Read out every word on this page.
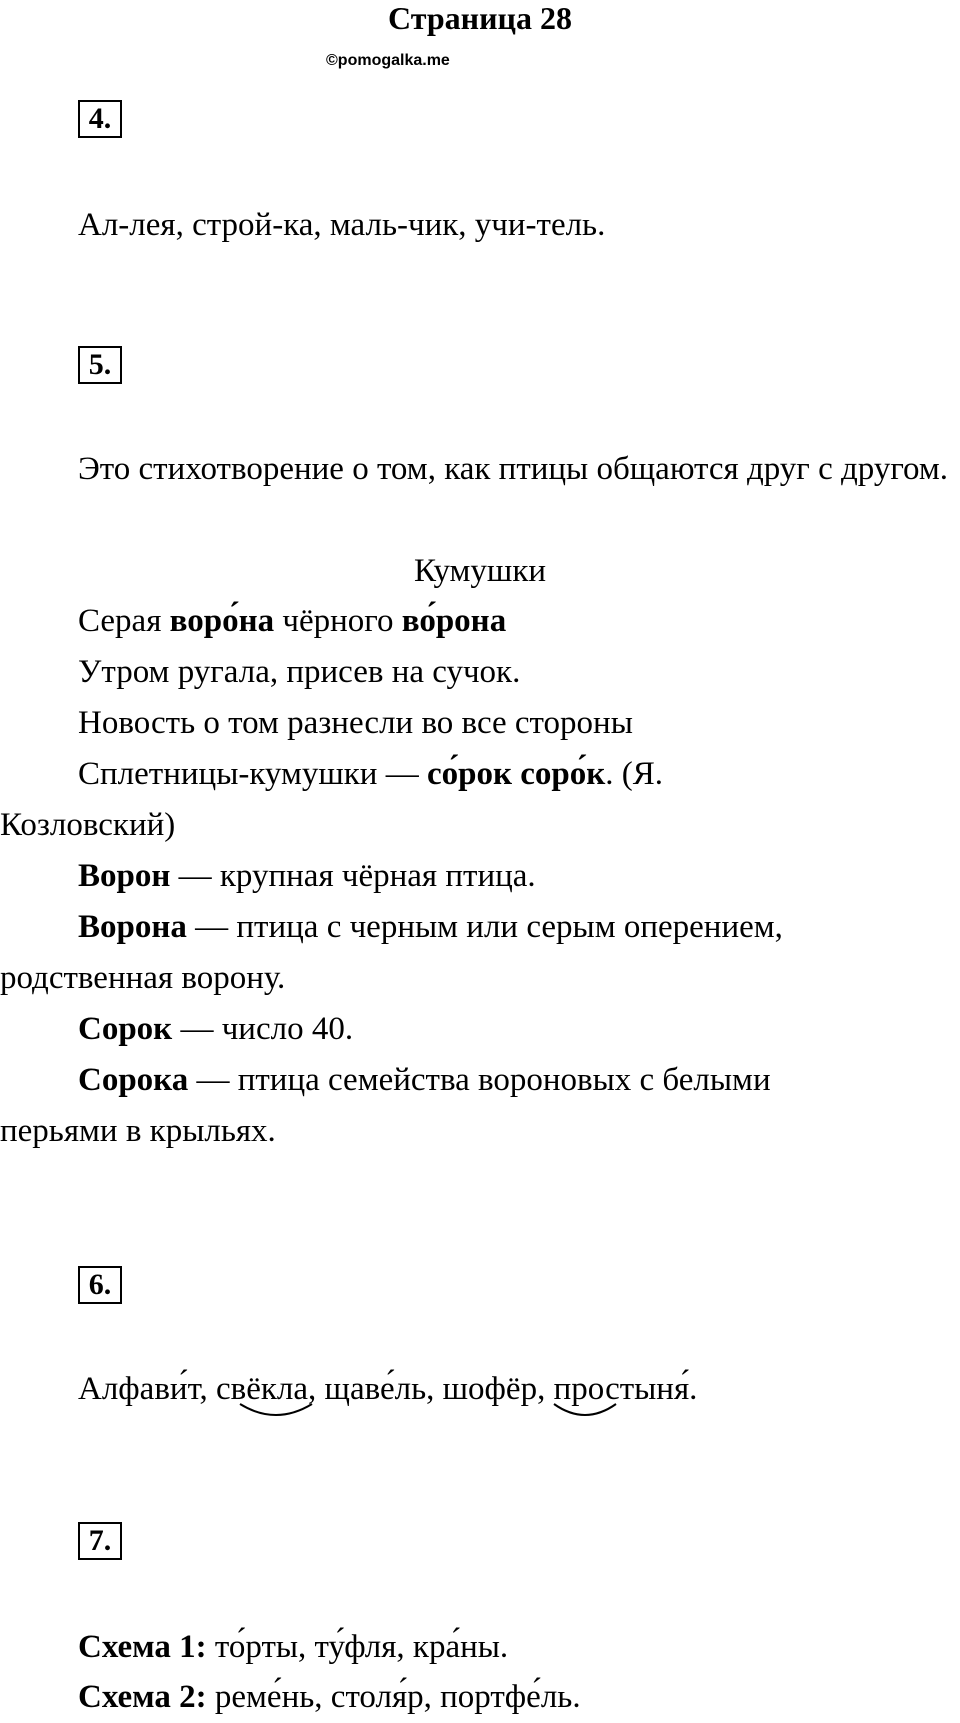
Страница 28
©pomogalka.me
4.
Ал-лея, строй-ка, маль-чик, учи-тель.
5.
Это стихотворение о том, как птицы общаются друг с другом.
Кумушки
Серая воро́на чёрного во́рона
Утром ругала, присев на сучок.
Новость о том разнесли во все стороны
Сплетницы-кумушки — со́рок соро́к. (Я.
Козловский)
Ворон — крупная чёрная птица.
Ворона — птица с черным или серым оперением,
родственная ворону.
Сорок — число 40.
Сорока — птица семейства вороновых с белыми
перьями в крыльях.
6.
Алфави́т, свёкла, щаве́ль, шофёр, простыня́.
7.
Схема 1: то́рты, ту́фля, кра́ны.
Схема 2: реме́нь, столя́р, портфе́ль.
